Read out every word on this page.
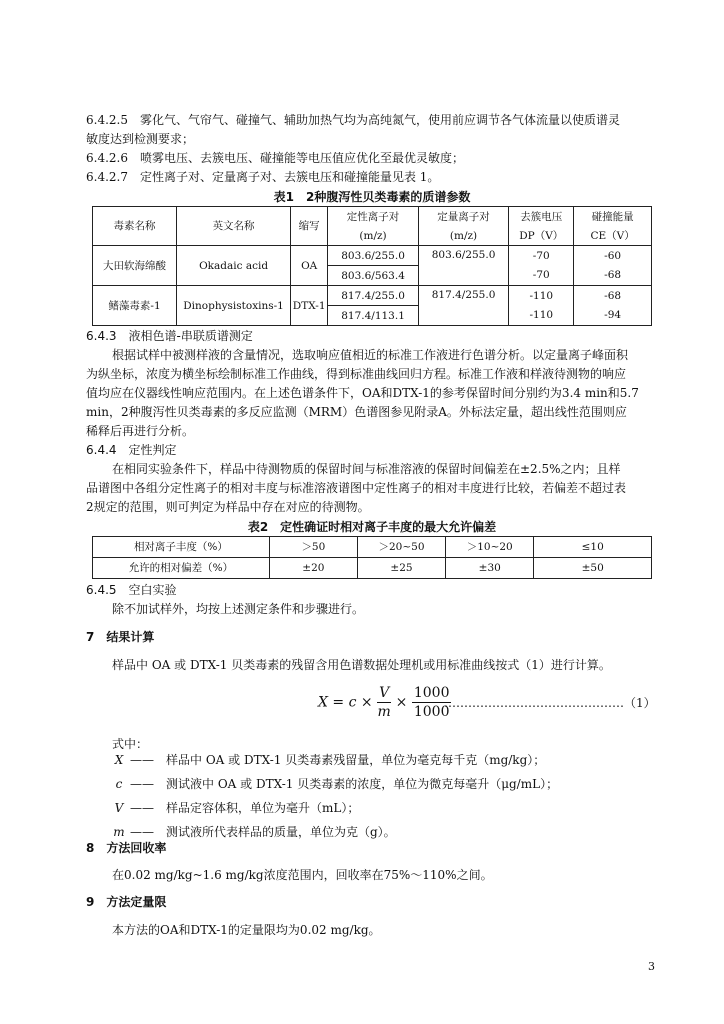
6.4.2.5　雾化气、气帘气、碰撞气、辅助加热气均为高纯氮气，使用前应调节各气体流量以使质谱灵
敏度达到检测要求；
6.4.2.6　喷雾电压、去簇电压、碰撞能等电压值应优化至最优灵敏度；
6.4.2.7　定性离子对、定量离子对、去簇电压和碰撞能量见表 1。
表1　2种腹泻性贝类毒素的质谱参数
毒素名称	英文名称	缩写	定性离子对	定量离子对	去簇电压	碰撞能量
			(m/z)	(m/z)	DP（V）	CE（V）
大田软海绵酸	Okadaic acid	OA	803.6/255.0	803.6/255.0	-70	-60
			803.6/563.4		-70	-68
鳍藻毒素-1	Dinophysistoxins-1	DTX-1	817.4/255.0	817.4/255.0	-110	-68
			817.4/113.1		-110	-94
6.4.3　液相色谱-串联质谱测定
根据试样中被测样液的含量情况，选取响应值相近的标准工作液进行色谱分析。以定量离子峰面积
为纵坐标，浓度为横坐标绘制标准工作曲线，得到标准曲线回归方程。标准工作液和样液待测物的响应
值均应在仪器线性响应范围内。在上述色谱条件下，OA和DTX-1的参考保留时间分别约为3.4 min和5.7
min，2种腹泻性贝类毒素的多反应监测（MRM）色谱图参见附录A。外标法定量，超出线性范围则应
稀释后再进行分析。
6.4.4　定性判定
在相同实验条件下，样品中待测物质的保留时间与标准溶液的保留时间偏差在±2.5%之内；且样
品谱图中各组分定性离子的相对丰度与标准溶液谱图中定性离子的相对丰度进行比较，若偏差不超过表
2规定的范围，则可判定为样品中存在对应的待测物。
表2　定性确证时相对离子丰度的最大允许偏差
相对离子丰度（%）	＞50	＞20~50	＞10~20	≤10
允许的相对偏差（%）	±20	±25	±30	±50
6.4.5　空白实验
除不加试样外，均按上述测定条件和步骤进行。
7　结果计算
样品中 OA 或 DTX-1 贝类毒素的残留含用色谱数据处理机或用标准曲线按式（1）进行计算。
$X = c \times \frac{V}{m} \times \frac{1000}{1000}$
………………………………………（1）
式中：
X	——　样品中 OA 或 DTX-1 贝类毒素残留量，单位为毫克每千克（mg/kg）；
c	——　测试液中 OA 或 DTX-1 贝类毒素的浓度，单位为微克每毫升（μg/mL）；
V	——　样品定容体积，单位为毫升（mL）；
m	——　测试液所代表样品的质量，单位为克（g）。
8　方法回收率
在0.02 mg/kg~1.6 mg/kg浓度范围内，回收率在75%～110%之间。
9　方法定量限
本方法的OA和DTX-1的定量限均为0.02 mg/kg。
3
